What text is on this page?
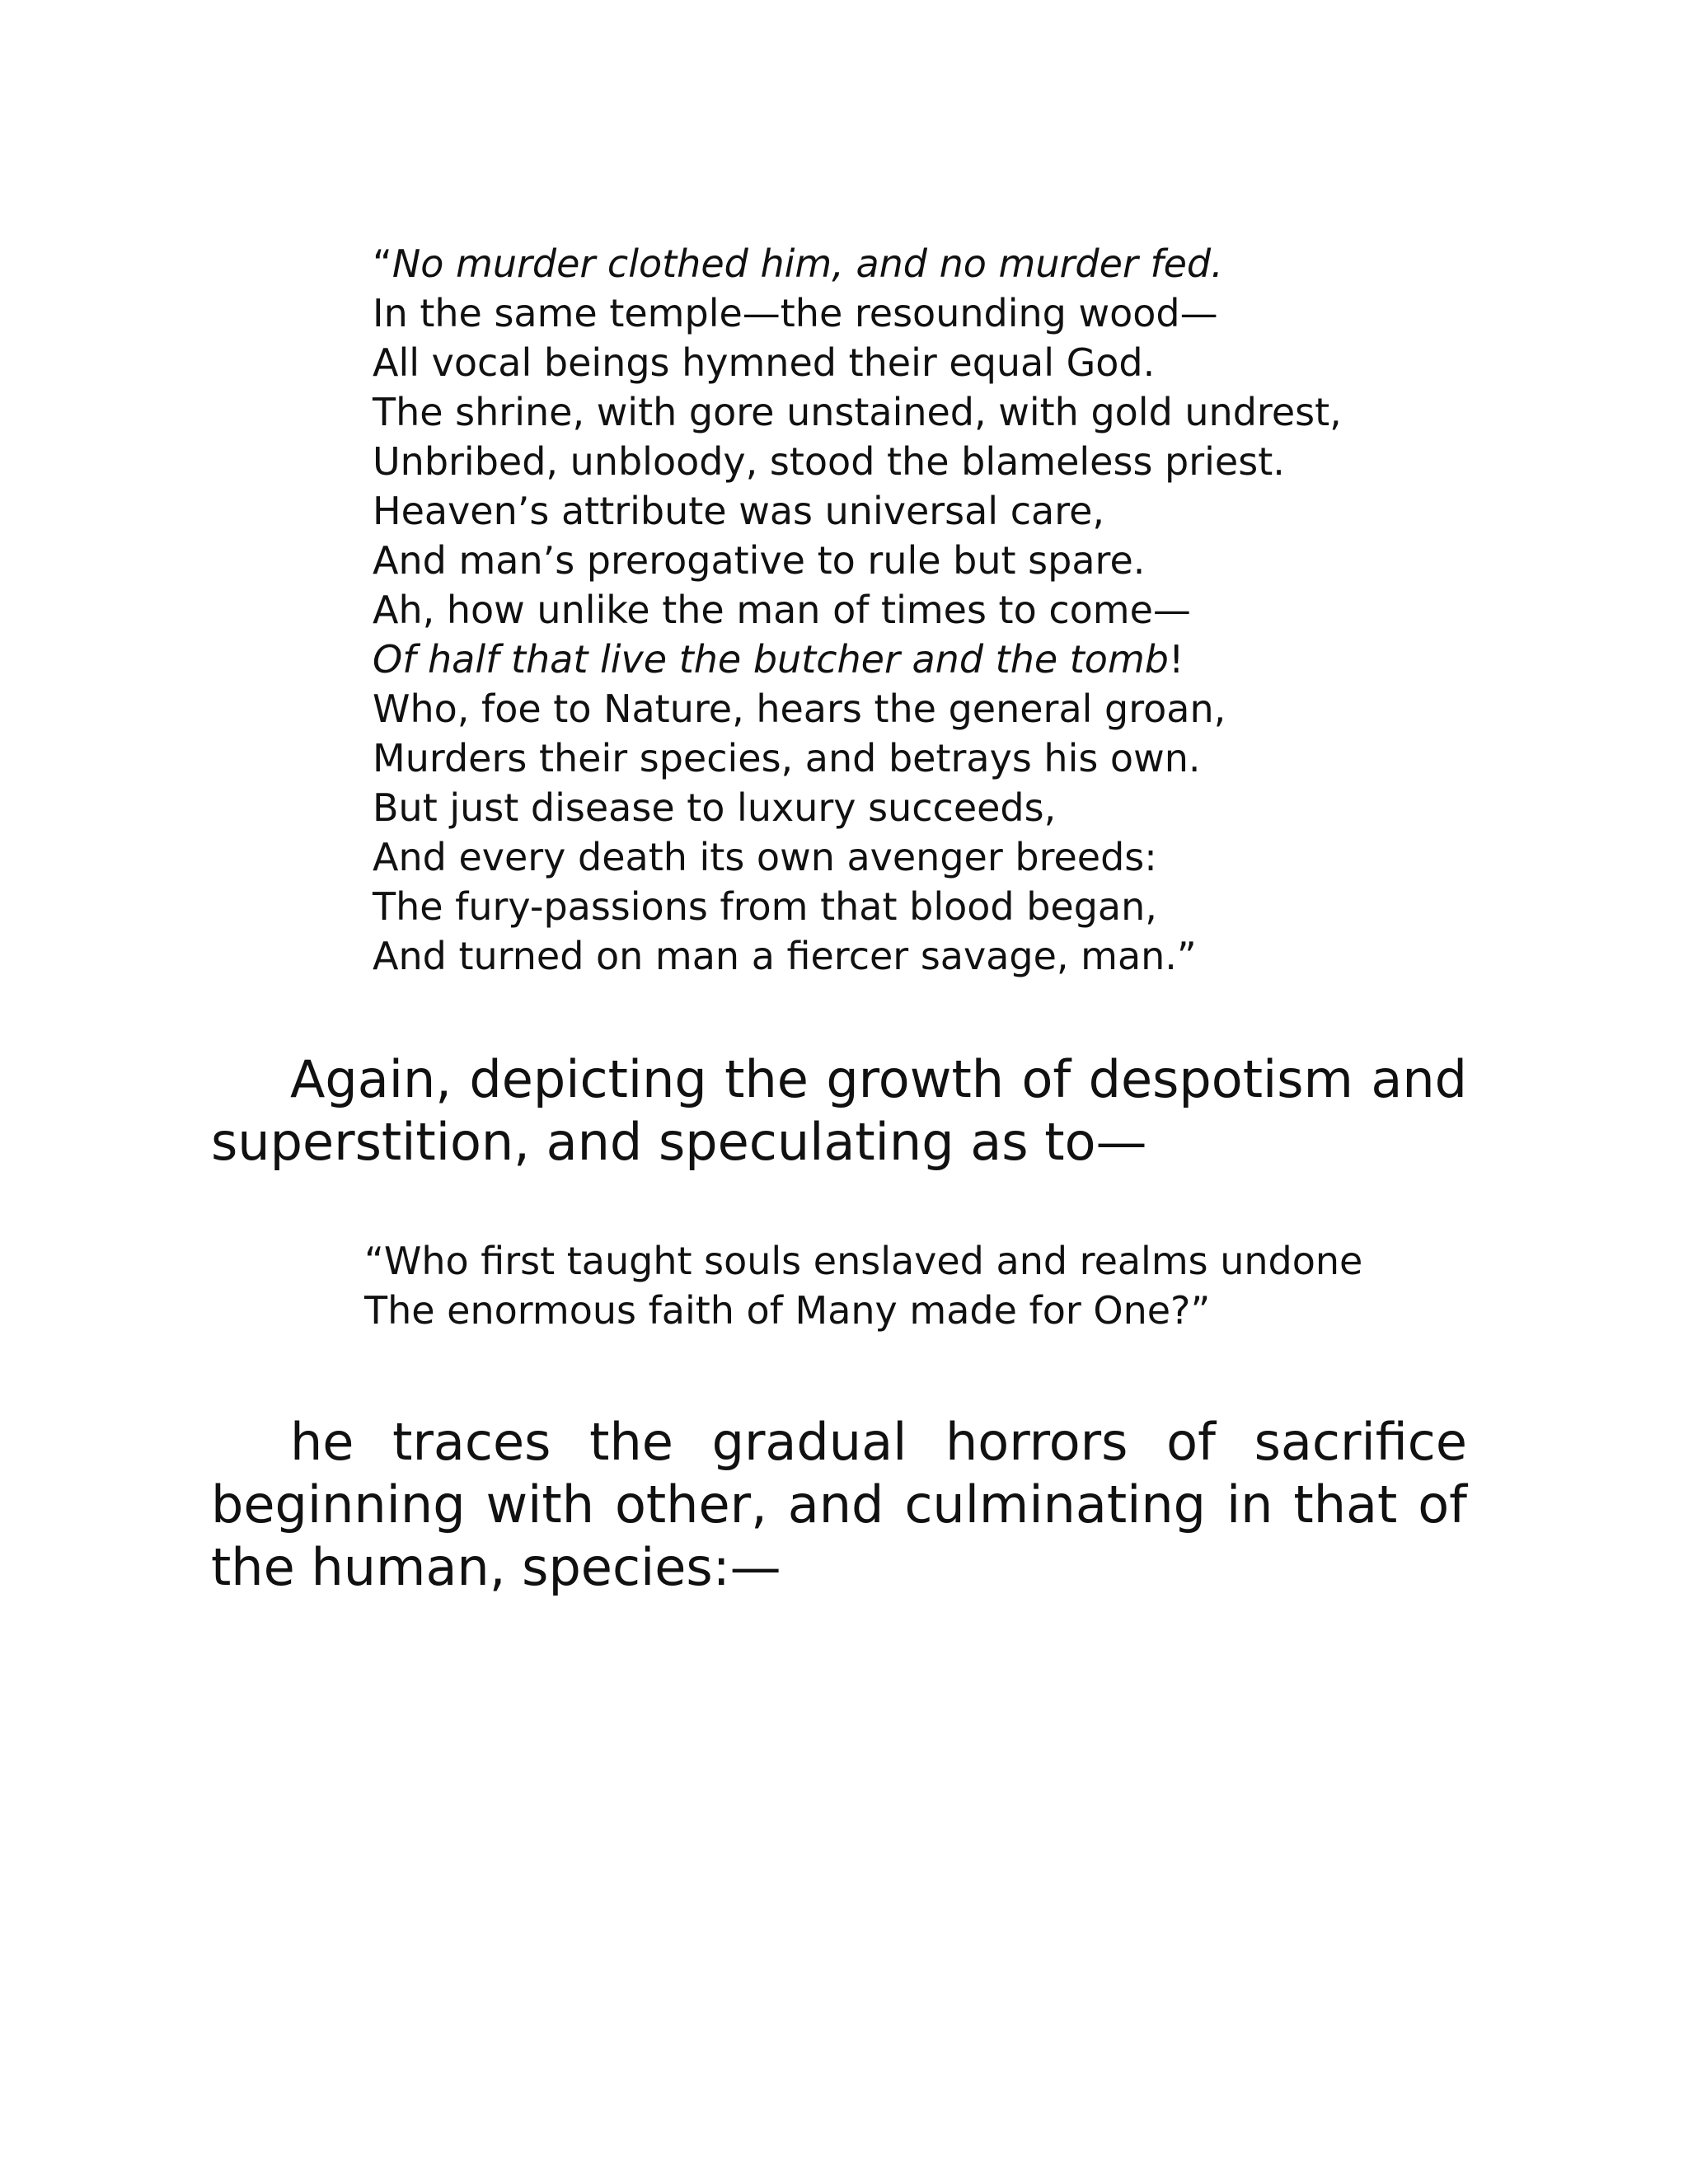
“No murder clothed him, and no murder fed.
In the same temple—the resounding wood—
All vocal beings hymned their equal God.
The shrine, with gore unstained, with gold undrest,
Unbribed, unbloody, stood the blameless priest.
Heaven’s attribute was universal care,
And man’s prerogative to rule but spare.
Ah, how unlike the man of times to come—
Of half that live the butcher and the tomb!
Who, foe to Nature, hears the general groan,
Murders their species, and betrays his own.
But just disease to luxury succeeds,
And every death its own avenger breeds:
The fury-passions from that blood began,
And turned on man a fiercer savage, man.”

Again, depicting the growth of despotism and superstition, and speculating as to—

“Who first taught souls enslaved and realms undone
The enormous faith of Many made for One?”

he traces the gradual horrors of sacrifice beginning with other, and culminating in that of the human, species:—
